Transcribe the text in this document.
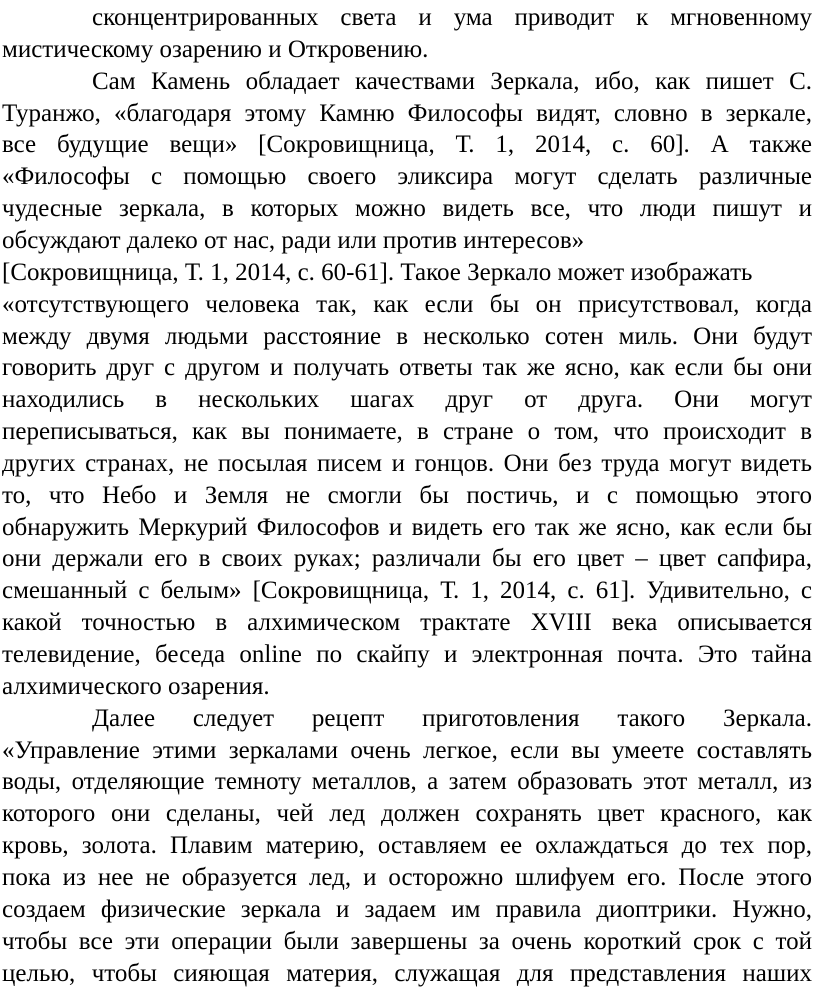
сконцентрированных света и ума приводит к мгновенному
мистическому озарению и Откровению.
Сам Камень обладает качествами Зеркала, ибо, как пишет С.
Туранжо, «благодаря этому Камню Философы видят, словно в зеркале,
все будущие вещи» [Сокровищница, Т. 1, 2014, с. 60]. А также
«Философы с помощью своего эликсира могут сделать различные
чудесные зеркала, в которых можно видеть все, что люди пишут и
обсуждают далеко от нас, ради или против интересов»
[Сокровищница, Т. 1, 2014, с. 60-61]. Такое Зеркало может изображать
«отсутствующего человека так, как если бы он присутствовал, когда
между двумя людьми расстояние в несколько сотен миль. Они будут
говорить друг с другом и получать ответы так же ясно, как если бы они
находились в нескольких шагах друг от друга. Они могут
переписываться, как вы понимаете, в стране о том, что происходит в
других странах, не посылая писем и гонцов. Они без труда могут видеть
то, что Небо и Земля не смогли бы постичь, и с помощью этого
обнаружить Меркурий Философов и видеть его так же ясно, как если бы
они держали его в своих руках; различали бы его цвет – цвет сапфира,
смешанный с белым» [Сокровищница, Т. 1, 2014, с. 61]. Удивительно, с
какой точностью в алхимическом трактате XVIII века описывается
телевидение, беседа online по скайпу и электронная почта. Это тайна
алхимического озарения.
Далее следует рецепт приготовления такого Зеркала.
«Управление этими зеркалами очень легкое, если вы умеете составлять
воды, отделяющие темноту металлов, а затем образовать этот металл, из
которого они сделаны, чей лед должен сохранять цвет красного, как
кровь, золота. Плавим материю, оставляем ее охлаждаться до тех пор,
пока из нее не образуется лед, и осторожно шлифуем его. После этого
создаем физические зеркала и задаем им правила диоптрики. Нужно,
чтобы все эти операции были завершены за очень короткий срок с той
целью, чтобы сияющая материя, служащая для представления наших
